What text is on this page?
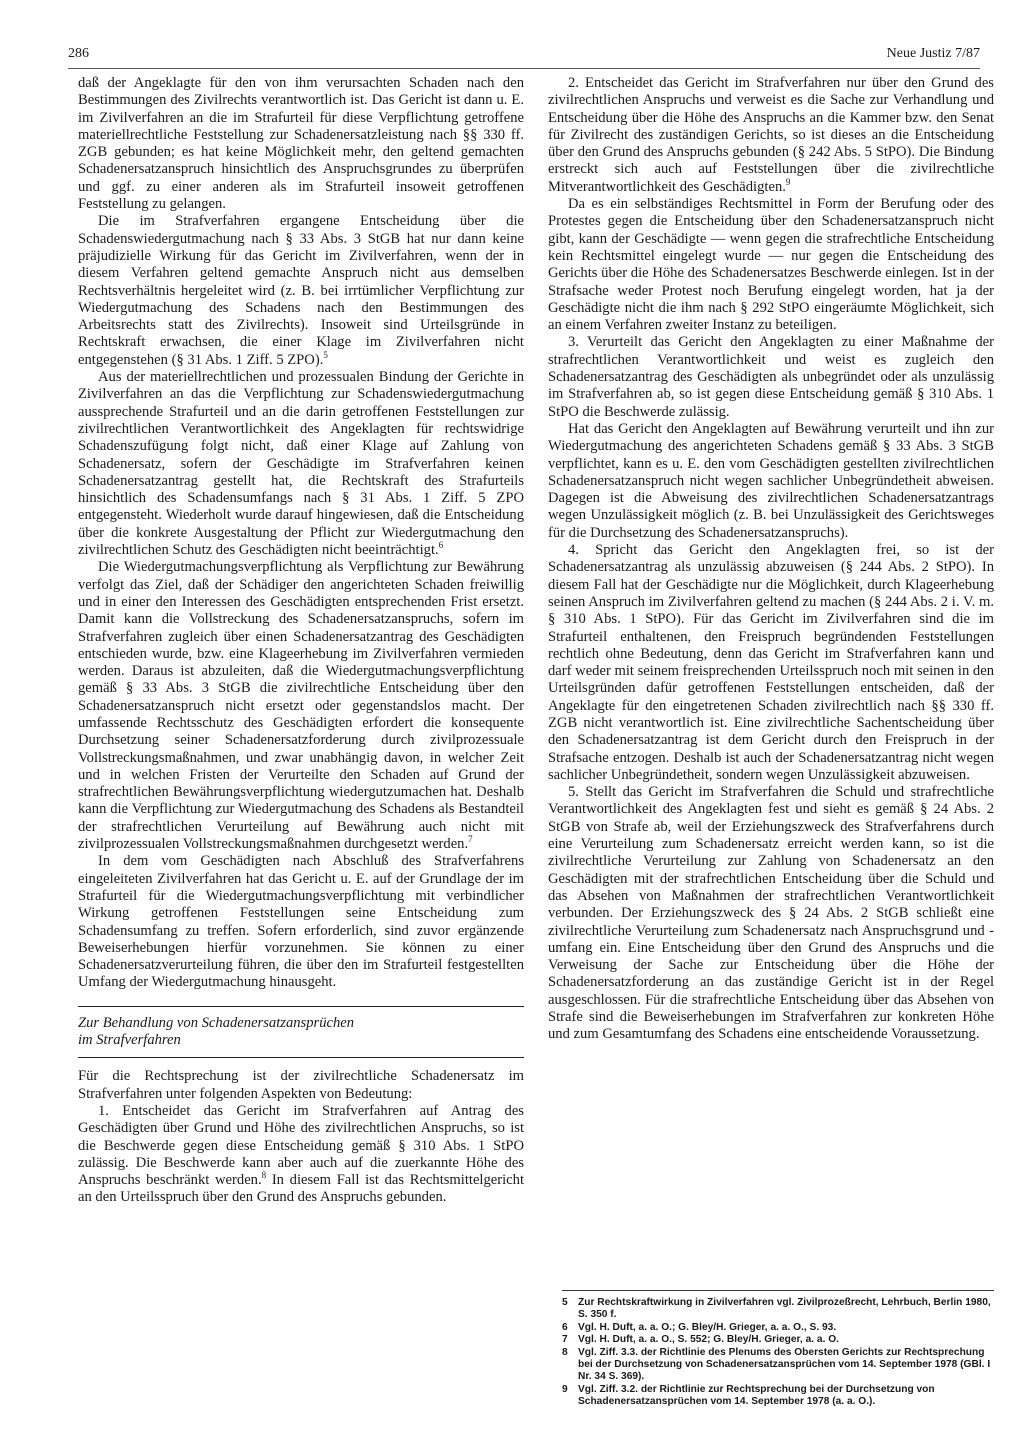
286	Neue Justiz 7/87

daß der Angeklagte für den von ihm verursachten Schaden nach den Bestimmungen des Zivilrechts verantwortlich ist. Das Gericht ist dann u. E. im Zivilverfahren an die im Strafurteil für diese Verpflichtung getroffene materiellrechtliche Feststellung zur Schadenersatzleistung nach §§ 330 ff. ZGB gebunden; es hat keine Möglichkeit mehr, den geltend gemachten Schadenersatzanspruch hinsichtlich des Anspruchsgrundes zu überprüfen und ggf. zu einer anderen als im Strafurteil insoweit getroffenen Feststellung zu gelangen.

Die im Strafverfahren ergangene Entscheidung über die Schadenswiedergutmachung nach § 33 Abs. 3 StGB hat nur dann keine präjudizielle Wirkung für das Gericht im Zivilverfahren, wenn der in diesem Verfahren geltend gemachte Anspruch nicht aus demselben Rechtsverhältnis hergeleitet wird (z. B. bei irrtümlicher Verpflichtung zur Wiedergutmachung des Schadens nach den Bestimmungen des Arbeitsrechts statt des Zivilrechts). Insoweit sind Urteilsgründe in Rechtskraft erwachsen, die einer Klage im Zivilverfahren nicht entgegenstehen (§ 31 Abs. 1 Ziff. 5 ZPO).$^5$

Aus der materiellrechtlichen und prozessualen Bindung der Gerichte in Zivilverfahren an das die Verpflichtung zur Schadenswiedergutmachung aussprechende Strafurteil und an die darin getroffenen Feststellungen zur zivilrechtlichen Verantwortlichkeit des Angeklagten für rechtswidrige Schadenszufügung folgt nicht, daß einer Klage auf Zahlung von Schadenersatz, sofern der Geschädigte im Strafverfahren keinen Schadenersatzantrag gestellt hat, die Rechtskraft des Strafurteils hinsichtlich des Schadensumfangs nach § 31 Abs. 1 Ziff. 5 ZPO entgegensteht. Wiederholt wurde darauf hingewiesen, daß die Entscheidung über die konkrete Ausgestaltung der Pflicht zur Wiedergutmachung den zivilrechtlichen Schutz des Geschädigten nicht beeinträchtigt.$^6$

Die Wiedergutmachungsverpflichtung als Verpflichtung zur Bewährung verfolgt das Ziel, daß der Schädiger den angerichteten Schaden freiwillig und in einer den Interessen des Geschädigten entsprechenden Frist ersetzt. Damit kann die Vollstreckung des Schadenersatzanspruchs, sofern im Strafverfahren zugleich über einen Schadenersatzantrag des Geschädigten entschieden wurde, bzw. eine Klageerhebung im Zivilverfahren vermieden werden. Daraus ist abzuleiten, daß die Wiedergutmachungsverpflichtung gemäß § 33 Abs. 3 StGB die zivilrechtliche Entscheidung über den Schadenersatzanspruch nicht ersetzt oder gegenstandslos macht. Der umfassende Rechtsschutz des Geschädigten erfordert die konsequente Durchsetzung seiner Schadenersatzforderung durch zivilprozessuale Vollstreckungsmaßnahmen, und zwar unabhängig davon, in welcher Zeit und in welchen Fristen der Verurteilte den Schaden auf Grund der strafrechtlichen Bewährungsverpflichtung wiedergutzumachen hat. Deshalb kann die Verpflichtung zur Wiedergutmachung des Schadens als Bestandteil der strafrechtlichen Verurteilung auf Bewährung auch nicht mit zivilprozessualen Vollstreckungsmaßnahmen durchgesetzt werden.$^7$

In dem vom Geschädigten nach Abschluß des Strafverfahrens eingeleiteten Zivilverfahren hat das Gericht u. E. auf der Grundlage der im Strafurteil für die Wiedergutmachungsverpflichtung mit verbindlicher Wirkung getroffenen Feststellungen seine Entscheidung zum Schadensumfang zu treffen. Sofern erforderlich, sind zuvor ergänzende Beweiserhebungen hierfür vorzunehmen. Sie können zu einer Schadenersatzverurteilung führen, die über den im Strafurteil festgestellten Umfang der Wiedergutmachung hinausgeht.

Zur Behandlung von Schadenersatzansprüchen
im Strafverfahren

Für die Rechtsprechung ist der zivilrechtliche Schadenersatz im Strafverfahren unter folgenden Aspekten von Bedeutung:

1. Entscheidet das Gericht im Strafverfahren auf Antrag des Geschädigten über Grund und Höhe des zivilrechtlichen Anspruchs, so ist die Beschwerde gegen diese Entscheidung gemäß § 310 Abs. 1 StPO zulässig. Die Beschwerde kann aber auch auf die zuerkannte Höhe des Anspruchs beschränkt werden.$^8$ In diesem Fall ist das Rechtsmittelgericht an den Urteilsspruch über den Grund des Anspruchs gebunden.

2. Entscheidet das Gericht im Strafverfahren nur über den Grund des zivilrechtlichen Anspruchs und verweist es die Sache zur Verhandlung und Entscheidung über die Höhe des Anspruchs an die Kammer bzw. den Senat für Zivilrecht des zuständigen Gerichts, so ist dieses an die Entscheidung über den Grund des Anspruchs gebunden (§ 242 Abs. 5 StPO). Die Bindung erstreckt sich auch auf Feststellungen über die zivilrechtliche Mitverantwortlichkeit des Geschädigten.$^9$

Da es ein selbständiges Rechtsmittel in Form der Berufung oder des Protestes gegen die Entscheidung über den Schadenersatzanspruch nicht gibt, kann der Geschädigte — wenn gegen die strafrechtliche Entscheidung kein Rechtsmittel eingelegt wurde — nur gegen die Entscheidung des Gerichts über die Höhe des Schadenersatzes Beschwerde einlegen. Ist in der Strafsache weder Protest noch Berufung eingelegt worden, hat ja der Geschädigte nicht die ihm nach § 292 StPO eingeräumte Möglichkeit, sich an einem Verfahren zweiter Instanz zu beteiligen.

3. Verurteilt das Gericht den Angeklagten zu einer Maßnahme der strafrechtlichen Verantwortlichkeit und weist es zugleich den Schadenersatzantrag des Geschädigten als unbegründet oder als unzulässig im Strafverfahren ab, so ist gegen diese Entscheidung gemäß § 310 Abs. 1 StPO die Beschwerde zulässig.

Hat das Gericht den Angeklagten auf Bewährung verurteilt und ihn zur Wiedergutmachung des angerichteten Schadens gemäß § 33 Abs. 3 StGB verpflichtet, kann es u. E. den vom Geschädigten gestellten zivilrechtlichen Schadenersatzanspruch nicht wegen sachlicher Unbegründetheit abweisen. Dagegen ist die Abweisung des zivilrechtlichen Schadenersatzantrags wegen Unzulässigkeit möglich (z. B. bei Unzulässigkeit des Gerichtsweges für die Durchsetzung des Schadenersatzanspruchs).

4. Spricht das Gericht den Angeklagten frei, so ist der Schadenersatzantrag als unzulässig abzuweisen (§ 244 Abs. 2 StPO). In diesem Fall hat der Geschädigte nur die Möglichkeit, durch Klageerhebung seinen Anspruch im Zivilverfahren geltend zu machen (§ 244 Abs. 2 i. V. m. § 310 Abs. 1 StPO). Für das Gericht im Zivilverfahren sind die im Strafurteil enthaltenen, den Freispruch begründenden Feststellungen rechtlich ohne Bedeutung, denn das Gericht im Strafverfahren kann und darf weder mit seinem freisprechenden Urteilsspruch noch mit seinen in den Urteilsgründen dafür getroffenen Feststellungen entscheiden, daß der Angeklagte für den eingetretenen Schaden zivilrechtlich nach §§ 330 ff. ZGB nicht verantwortlich ist. Eine zivilrechtliche Sachentscheidung über den Schadenersatzantrag ist dem Gericht durch den Freispruch in der Strafsache entzogen. Deshalb ist auch der Schadenersatzantrag nicht wegen sachlicher Unbegründetheit, sondern wegen Unzulässigkeit abzuweisen.

5. Stellt das Gericht im Strafverfahren die Schuld und strafrechtliche Verantwortlichkeit des Angeklagten fest und sieht es gemäß § 24 Abs. 2 StGB von Strafe ab, weil der Erziehungszweck des Strafverfahrens durch eine Verurteilung zum Schadenersatz erreicht werden kann, so ist die zivilrechtliche Verurteilung zur Zahlung von Schadenersatz an den Geschädigten mit der strafrechtlichen Entscheidung über die Schuld und das Absehen von Maßnahmen der strafrechtlichen Verantwortlichkeit verbunden. Der Erziehungszweck des § 24 Abs. 2 StGB schließt eine zivilrechtliche Verurteilung zum Schadenersatz nach Anspruchsgrund und -umfang ein. Eine Entscheidung über den Grund des Anspruchs und die Verweisung der Sache zur Entscheidung über die Höhe der Schadenersatzforderung an das zuständige Gericht ist in der Regel ausgeschlossen. Für die strafrechtliche Entscheidung über das Absehen von Strafe sind die Beweiserhebungen im Strafverfahren zur konkreten Höhe und zum Gesamtumfang des Schadens eine entscheidende Voraussetzung.

5	Zur Rechtskraftwirkung in Zivilverfahren vgl. Zivilprozeßrecht, Lehrbuch, Berlin 1980, S. 350 f.
6	Vgl. H. Duft, a. a. O.; G. Bley/H. Grieger, a. a. O., S. 93.
7	Vgl. H. Duft, a. a. O., S. 552; G. Bley/H. Grieger, a. a. O.
8	Vgl. Ziff. 3.3. der Richtlinie des Plenums des Obersten Gerichts zur Rechtsprechung bei der Durchsetzung von Schadenersatzansprüchen vom 14. September 1978 (GBl. I Nr. 34 S. 369).
9	Vgl. Ziff. 3.2. der Richtlinie zur Rechtsprechung bei der Durchsetzung von Schadenersatzansprüchen vom 14. September 1978 (a. a. O.).
